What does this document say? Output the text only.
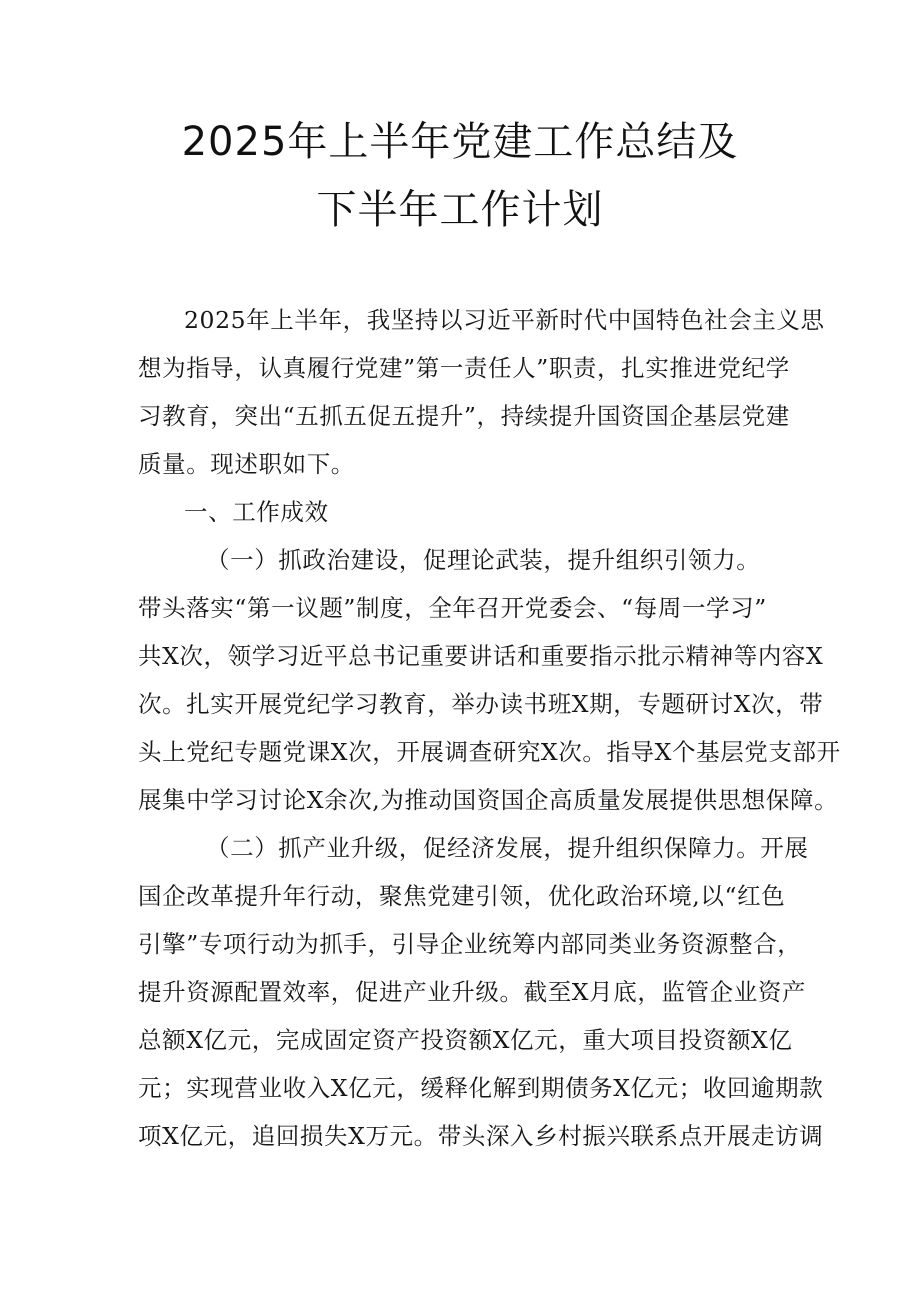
2025年上半年党建工作总结及
下半年工作计划
2025年上半年，我坚持以习近平新时代中国特色社会主义思
想为指导，认真履行党建”第一责任人”职责，扎实推进党纪学
习教育，突出“五抓五促五提升”，持续提升国资国企基层党建
质量。现述职如下。
一、工作成效
（一）抓政治建设，促理论武装，提升组织引领力。
带头落实“第一议题”制度，全年召开党委会、“每周一学习”
共X次，领学习近平总书记重要讲话和重要指示批示精神等内容X
次。扎实开展党纪学习教育，举办读书班X期，专题研讨X次，带
头上党纪专题党课X次，开展调查研究X次。指导X个基层党支部开
展集中学习讨论X余次,为推动国资国企高质量发展提供思想保障。
（二）抓产业升级，促经济发展，提升组织保障力。开展
国企改革提升年行动，聚焦党建引领，优化政治环境,以“红色
引擎”专项行动为抓手，引导企业统筹内部同类业务资源整合，
提升资源配置效率，促进产业升级。截至X月底，监管企业资产
总额X亿元，完成固定资产投资额X亿元，重大项目投资额X亿
元；实现营业收入X亿元，缓释化解到期债务X亿元；收回逾期款
项X亿元，追回损失X万元。带头深入乡村振兴联系点开展走访调
